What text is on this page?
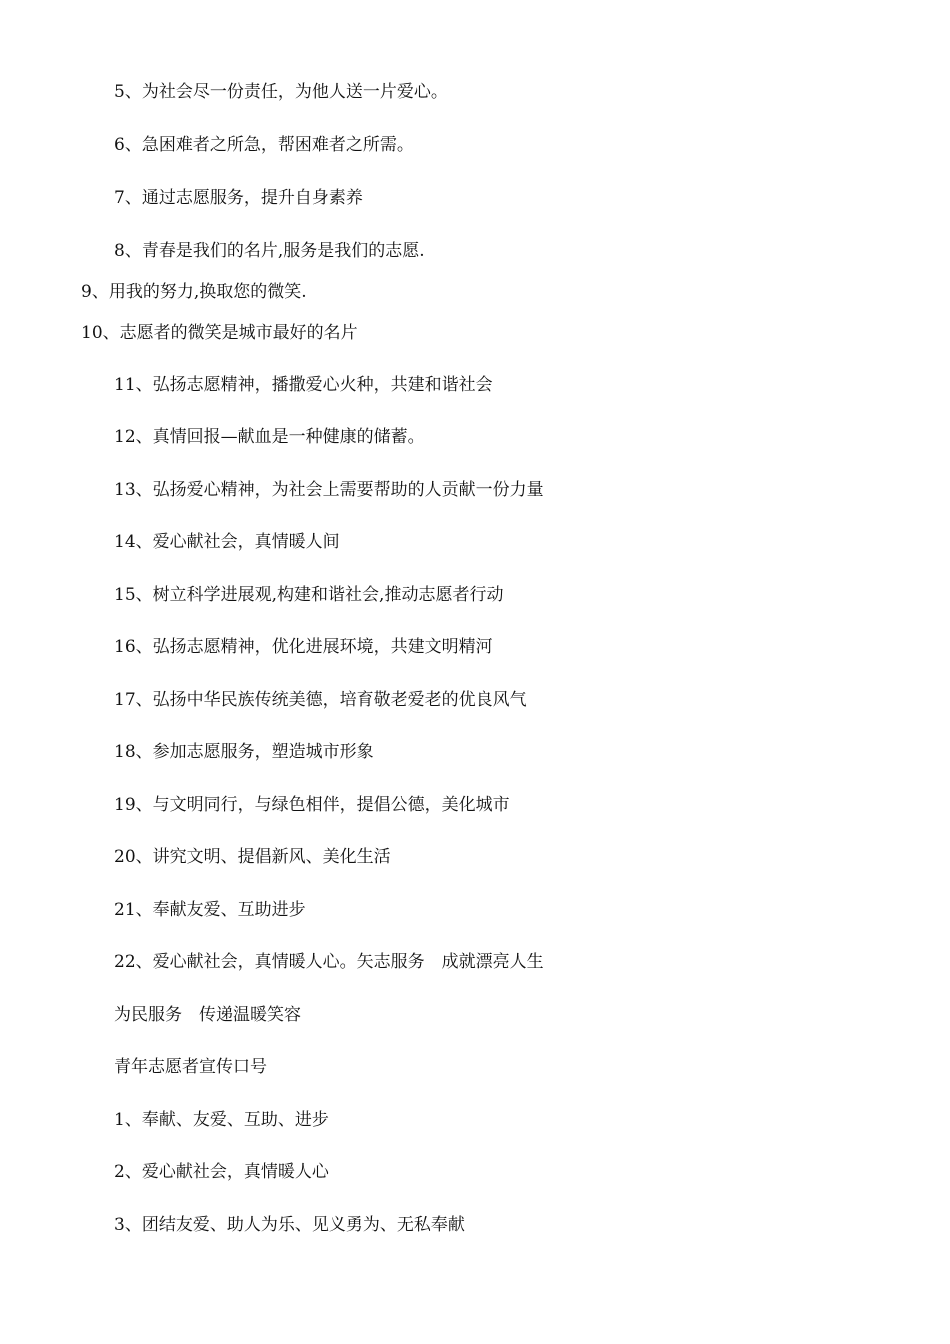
5、为社会尽一份责任，为他人送一片爱心。

6、急困难者之所急，帮困难者之所需。

7、通过志愿服务，提升自身素养

8、青春是我们的名片,服务是我们的志愿.

9、用我的努力,换取您的微笑.

10、志愿者的微笑是城市最好的名片

11、弘扬志愿精神，播撒爱心火种，共建和谐社会

12、真情回报—献血是一种健康的储蓄。

13、弘扬爱心精神，为社会上需要帮助的人贡献一份力量

14、爱心献社会，真情暖人间

15、树立科学进展观,构建和谐社会,推动志愿者行动

16、弘扬志愿精神，优化进展环境，共建文明精河

17、弘扬中华民族传统美德，培育敬老爱老的优良风气

18、参加志愿服务，塑造城市形象

19、与文明同行，与绿色相伴，提倡公德，美化城市

20、讲究文明、提倡新风、美化生活

21、奉献友爱、互助进步

22、爱心献社会，真情暖人心。矢志服务　成就漂亮人生

为民服务　传递温暖笑容

青年志愿者宣传口号

1、奉献、友爱、互助、进步

2、爱心献社会，真情暖人心

3、团结友爱、助人为乐、见义勇为、无私奉献
